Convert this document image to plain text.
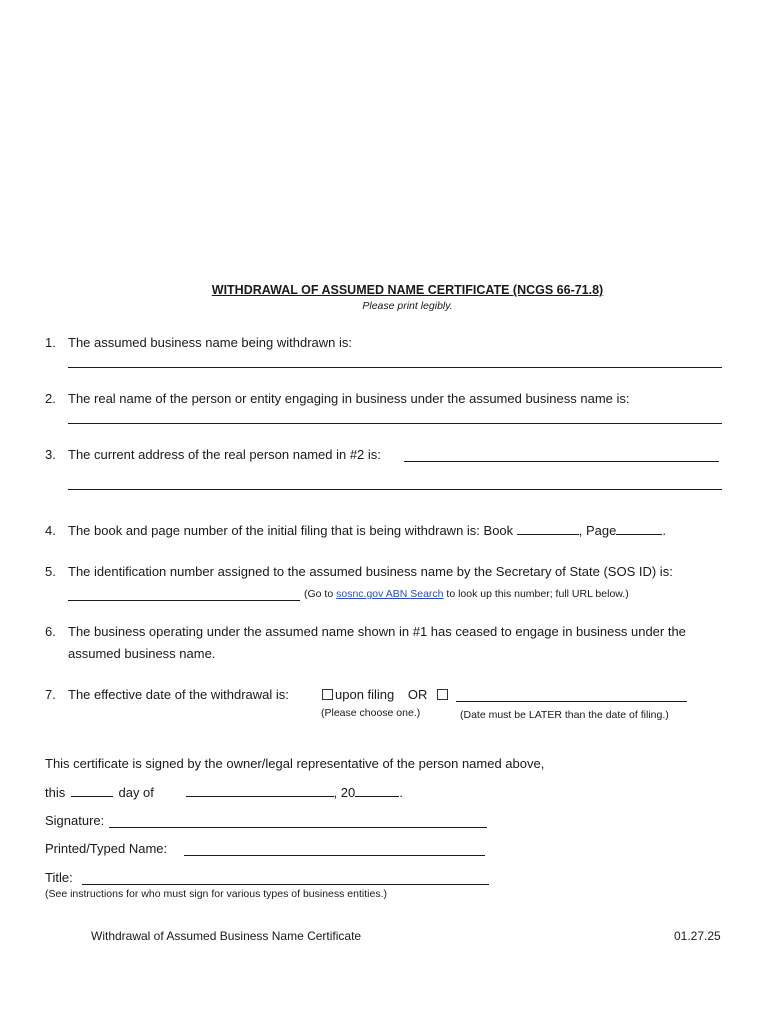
WITHDRAWAL OF ASSUMED NAME CERTIFICATE (NCGS 66-71.8)
Please print legibly.
1. The assumed business name being withdrawn is:
2. The real name of the person or entity engaging in business under the assumed business name is:
3. The current address of the real person named in #2 is:
4. The book and page number of the initial filing that is being withdrawn is: Book	, Page	.
5. The identification number assigned to the assumed business name by the Secretary of State (SOS ID) is:
(Go to sosnc.gov ABN Search to look up this number; full URL below.)
6. The business operating under the assumed name shown in #1 has ceased to engage in business under the
assumed business name.
7. The effective date of the withdrawal is:	upon filing OR
(Please choose one.)	(Date must be LATER than the date of filing.)
This certificate is signed by the owner/legal representative of the person named above,
this	day of	, 20	.
Signature:
Printed/Typed Name:
Title:
(See instructions for who must sign for various types of business entities.)
Withdrawal of Assumed Business Name Certificate	01.27.25
